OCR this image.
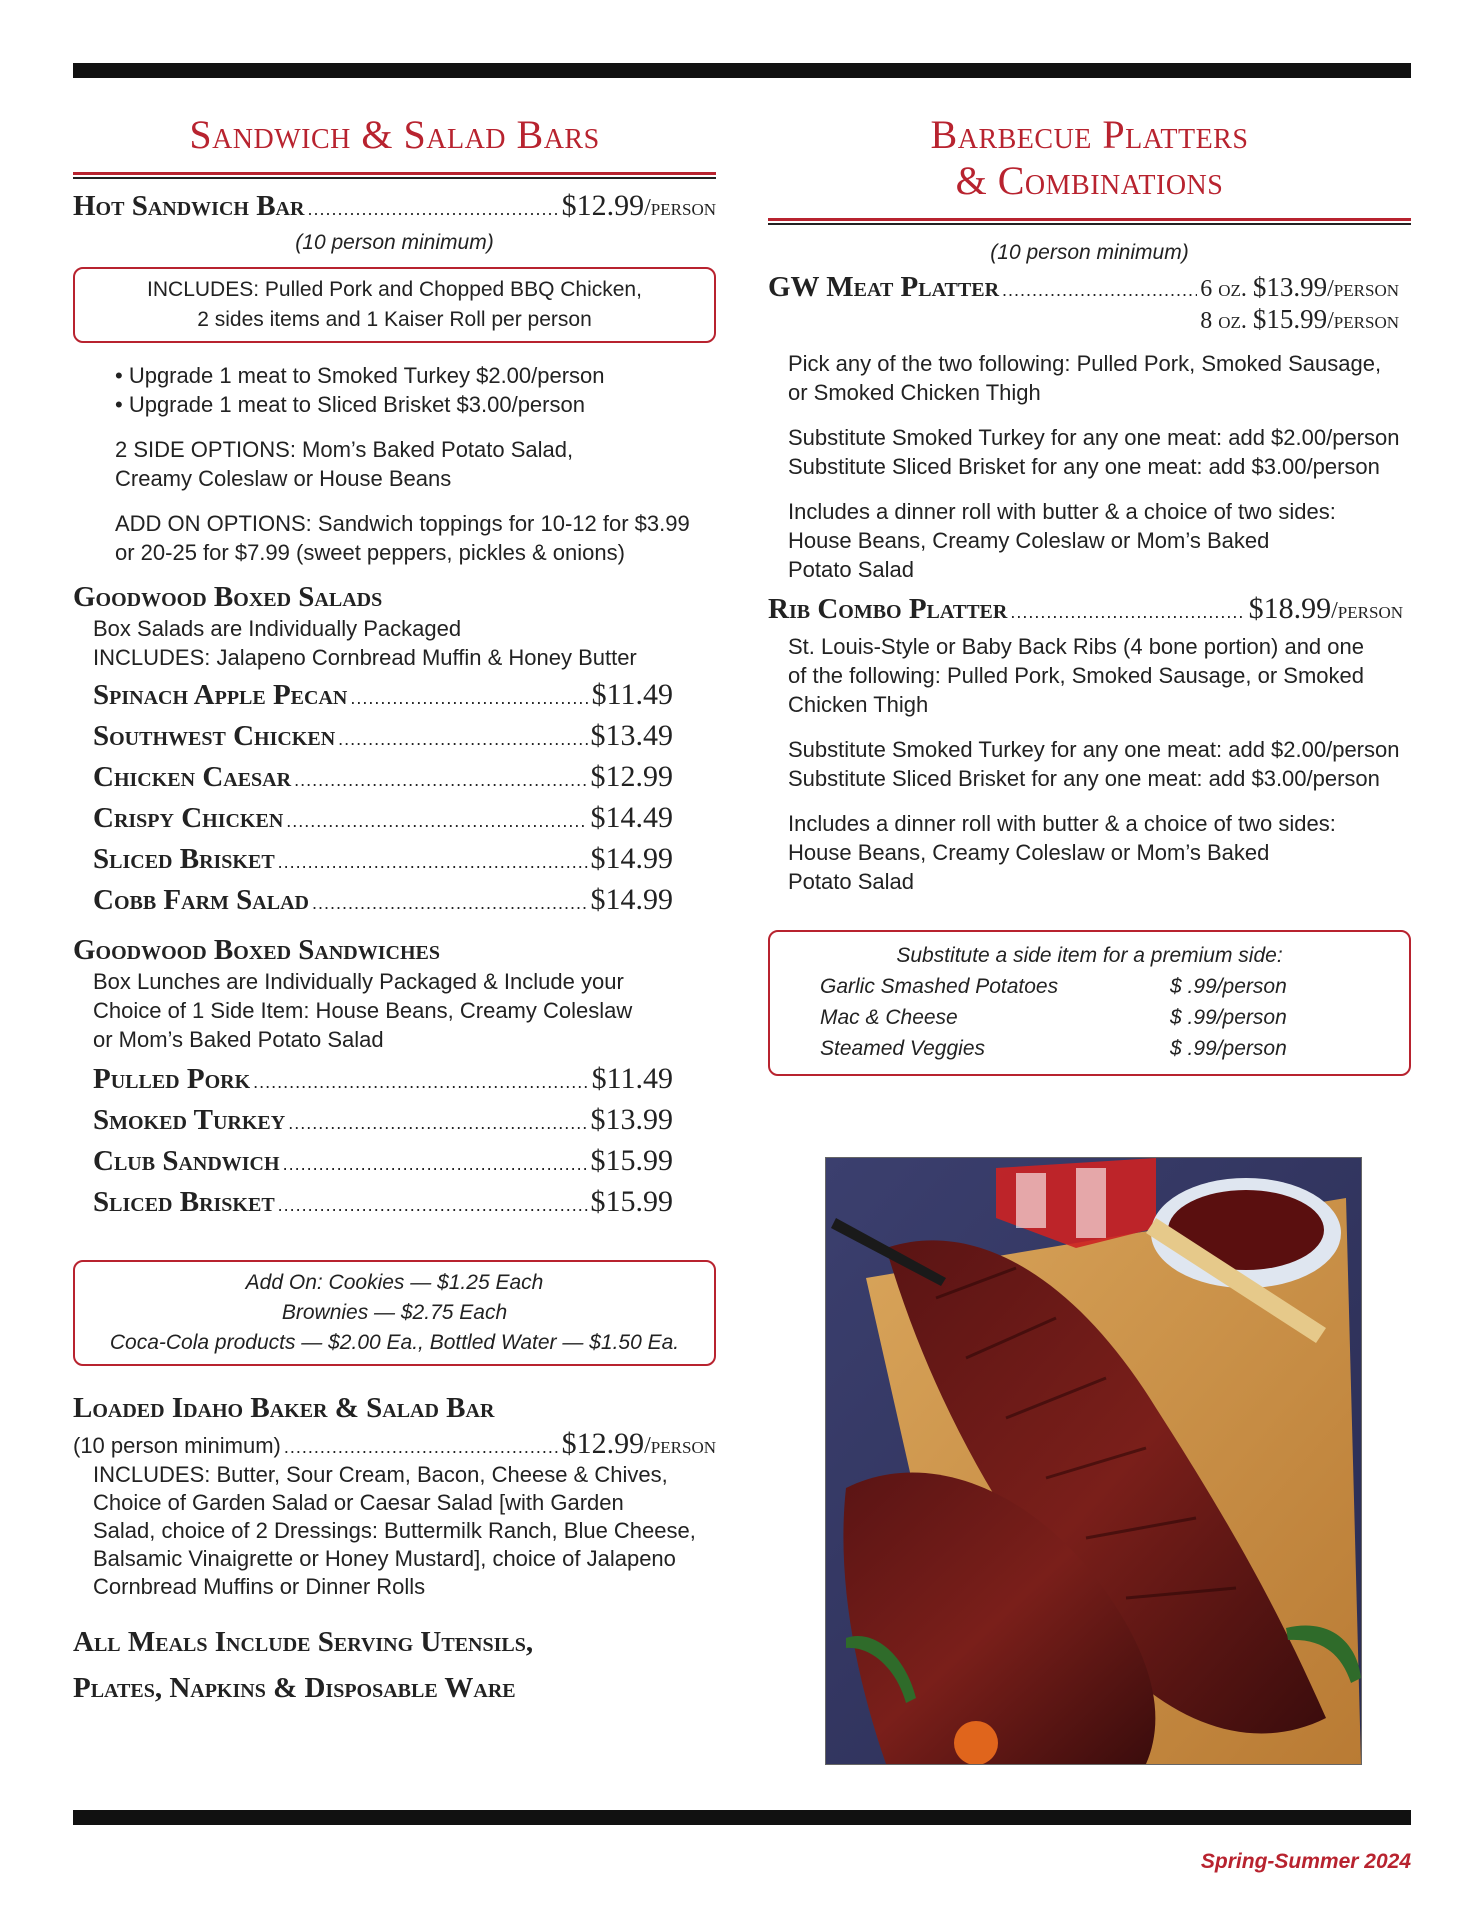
Sandwich & Salad Bars
Hot Sandwich Bar .....	$12.99 /person
(10 person minimum)
INCLUDES: Pulled Pork and Chopped BBQ Chicken,
2 sides items and 1 Kaiser Roll per person
• Upgrade 1 meat to Smoked Turkey $2.00/person
• Upgrade 1 meat to Sliced Brisket $3.00/person
2 SIDE OPTIONS: Mom’s Baked Potato Salad,
Creamy Coleslaw or House Beans
ADD ON OPTIONS: Sandwich toppings for 10-12 for $3.99
or 20-25 for $7.99 (sweet peppers, pickles & onions)
Goodwood Boxed Salads
Box Salads are Individually Packaged
INCLUDES: Jalapeno Cornbread Muffin & Honey Butter
Spinach Apple Pecan .....	$11.49
Southwest Chicken .....	$13.49
Chicken Caesar .....	$12.99
Crispy Chicken .....	$14.49
Sliced Brisket .....	$14.99
Cobb Farm Salad .....	$14.99
Goodwood Boxed Sandwiches
Box Lunches are Individually Packaged & Include your
Choice of 1 Side Item: House Beans, Creamy Coleslaw
or Mom’s Baked Potato Salad
Pulled Pork .....	$11.49
Smoked Turkey .....	$13.99
Club Sandwich .....	$15.99
Sliced Brisket .....	$15.99
Add On: Cookies — $1.25 Each
Brownies — $2.75 Each
Coca-Cola products — $2.00 Ea., Bottled Water — $1.50 Ea.
Loaded Idaho Baker & Salad Bar
(10 person minimum) .....	$12.99 /person
INCLUDES: Butter, Sour Cream, Bacon, Cheese & Chives,
Choice of Garden Salad or Caesar Salad [with Garden
Salad, choice of 2 Dressings: Buttermilk Ranch, Blue Cheese,
Balsamic Vinaigrette or Honey Mustard], choice of Jalapeno
Cornbread Muffins or Dinner Rolls
All Meals Include Serving Utensils,
Plates, Napkins & Disposable Ware
Barbecue Platters
& Combinations
(10 person minimum)
GW Meat Platter .....	6 oz. $13.99 /person
8 oz. $15.99 /person
Pick any of the two following: Pulled Pork, Smoked Sausage,
or Smoked Chicken Thigh
Substitute Smoked Turkey for any one meat: add $2.00/person
Substitute Sliced Brisket for any one meat: add $3.00/person
Includes a dinner roll with butter & a choice of two sides:
House Beans, Creamy Coleslaw or Mom’s Baked
Potato Salad
Rib Combo Platter .....	$18.99 /person
St. Louis-Style or Baby Back Ribs (4 bone portion) and one
of the following: Pulled Pork, Smoked Sausage, or Smoked
Chicken Thigh
Substitute Smoked Turkey for any one meat: add $2.00/person
Substitute Sliced Brisket for any one meat: add $3.00/person
Includes a dinner roll with butter & a choice of two sides:
House Beans, Creamy Coleslaw or Mom’s Baked
Potato Salad
Substitute a side item for a premium side:
Garlic Smashed Potatoes	$ .99/person
Mac & Cheese	$ .99/person
Steamed Veggies	$ .99/person
Spring-Summer 2024
